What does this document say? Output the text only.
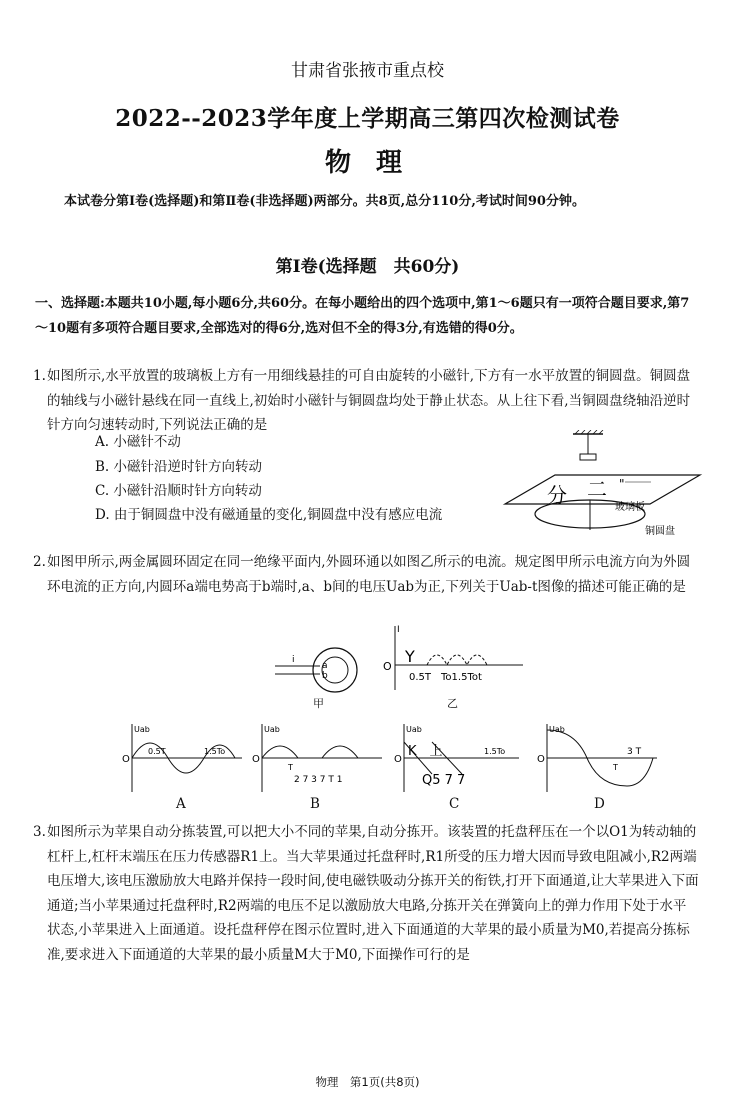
甘肃省张掖市重点校
2022--2023学年度上学期高三第四次检测试卷
物 理
本试卷分第Ⅰ卷(选择题)和第Ⅱ卷(非选择题)两部分。共8页,总分110分,考试时间90分钟。
第Ⅰ卷(选择题　共60分)
一、选择题:本题共10小题,每小题6分,共60分。在每小题给出的四个选项中,第1～6题只有一项符合题目要求,第7～10题有多项符合题目要求,全部选对的得6分,选对但不全的得3分,有选错的得0分。
1. 如图所示,水平放置的玻璃板上方有一用细线悬挂的可自由旋转的小磁针,下方有一水平放置的铜圆盘。铜圆盘的轴线与小磁针悬线在同一直线上,初始时小磁针与铜圆盘均处于静止状态。从上往下看,当铜圆盘绕轴沿逆时针方向匀速转动时,下列说法正确的是
A. 小磁针不动
B. 小磁针沿逆时针方向转动
C. 小磁针沿顺时针方向转动
D. 由于铜圆盘中没有磁通量的变化,铜圆盘中没有感应电流
分 二 "
玻璃板
铜圆盘
2. 如图甲所示,两金属圆环固定在同一绝缘平面内,外圆环通以如图乙所示的电流。规定图甲所示电流方向为外圆环电流的正方向,内圆环a端电势高于b端时,a、b间的电压Uab为正,下列关于Uab-t图像的描述可能正确的是
i
a
b
甲
I
O
Y
0.5T　To1.5Tot
乙
Uab
O
0.5T	1.5To
A
Uab
O
T
2 7 3 7 T 1
B
Uab
O
K　上
Q5 7 7
1.5To
C
Uab
O
3 T
T
D
3. 如图所示为苹果自动分拣装置,可以把大小不同的苹果,自动分拣开。该装置的托盘秤压在一个以O1为转动轴的杠杆上,杠杆末端压在压力传感器R1上。当大苹果通过托盘秤时,R1所受的压力增大因而导致电阻减小,R2两端电压增大,该电压激励放大电路并保持一段时间,使电磁铁吸动分拣开关的衔铁,打开下面通道,让大苹果进入下面通道;当小苹果通过托盘秤时,R2两端的电压不足以激励放大电路,分拣开关在弹簧向上的弹力作用下处于水平状态,小苹果进入上面通道。设托盘秤停在图示位置时,进入下面通道的大苹果的最小质量为M0,若提高分拣标准,要求进入下面通道的大苹果的最小质量M大于M0,下面操作可行的是
物理　第1页(共8页)
